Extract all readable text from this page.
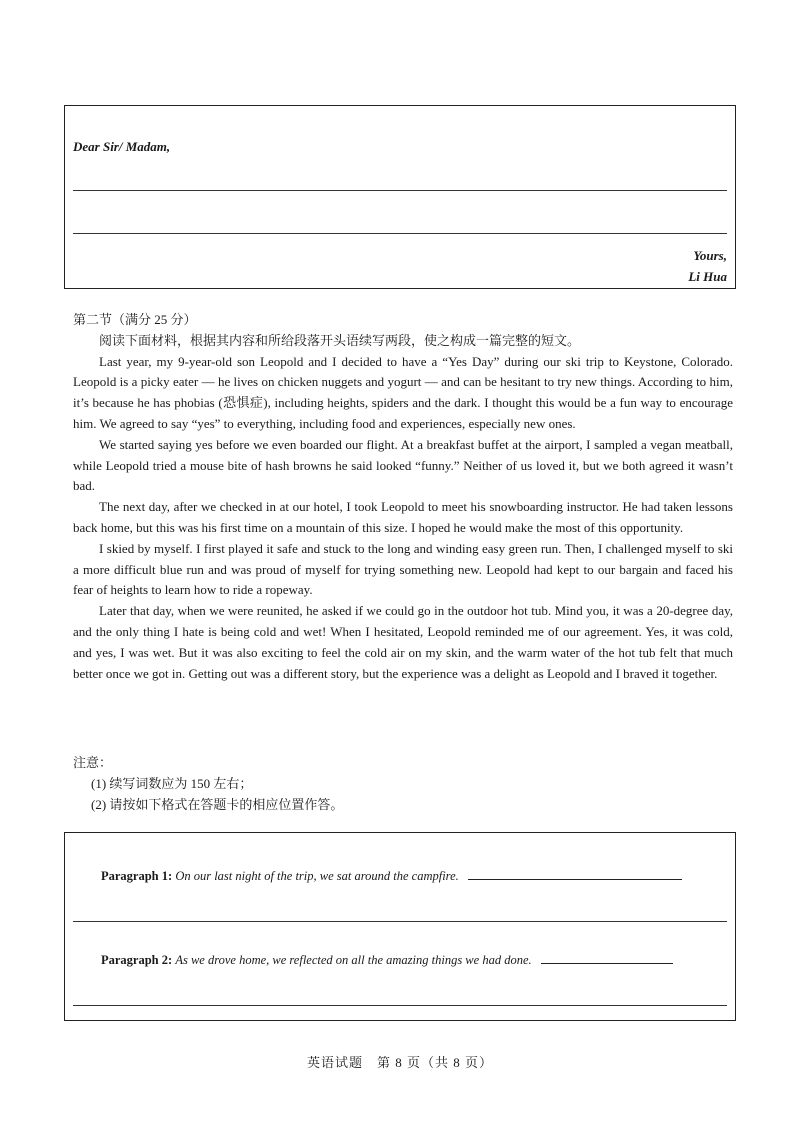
Dear Sir/ Madam,
Yours,
Li Hua

第二节（满分 25 分）

阅读下面材料，根据其内容和所给段落开头语续写两段，使之构成一篇完整的短文。

Last year, my 9-year-old son Leopold and I decided to have a “Yes Day” during our ski trip to Keystone, Colorado. Leopold is a picky eater — he lives on chicken nuggets and yogurt — and can be hesitant to try new things. According to him, it’s because he has phobias (恐惧症), including heights, spiders and the dark. I thought this would be a fun way to encourage him. We agreed to say “yes” to everything, including food and experiences, especially new ones.

We started saying yes before we even boarded our flight. At a breakfast buffet at the airport, I sampled a vegan meatball, while Leopold tried a mouse bite of hash browns he said looked “funny.” Neither of us loved it, but we both agreed it wasn’t bad.

The next day, after we checked in at our hotel, I took Leopold to meet his snowboarding instructor. He had taken lessons back home, but this was his first time on a mountain of this size. I hoped he would make the most of this opportunity.

I skied by myself. I first played it safe and stuck to the long and winding easy green run. Then, I challenged myself to ski a more difficult blue run and was proud of myself for trying something new. Leopold had kept to our bargain and faced his fear of heights to learn how to ride a ropeway.

Later that day, when we were reunited, he asked if we could go in the outdoor hot tub. Mind you, it was a 20-degree day, and the only thing I hate is being cold and wet! When I hesitated, Leopold reminded me of our agreement. Yes, it was cold, and yes, I was wet. But it was also exciting to feel the cold air on my skin, and the warm water of the hot tub felt that much better once we got in. Getting out was a different story, but the experience was a delight as Leopold and I braved it together.

注意：
(1) 续写词数应为 150 左右；
(2) 请按如下格式在答题卡的相应位置作答。
Paragraph 1: On our last night of the trip, we sat around the campfire.
Paragraph 2: As we drove home, we reflected on all the amazing things we had done.
英语试题　第 8 页（共 8 页）
